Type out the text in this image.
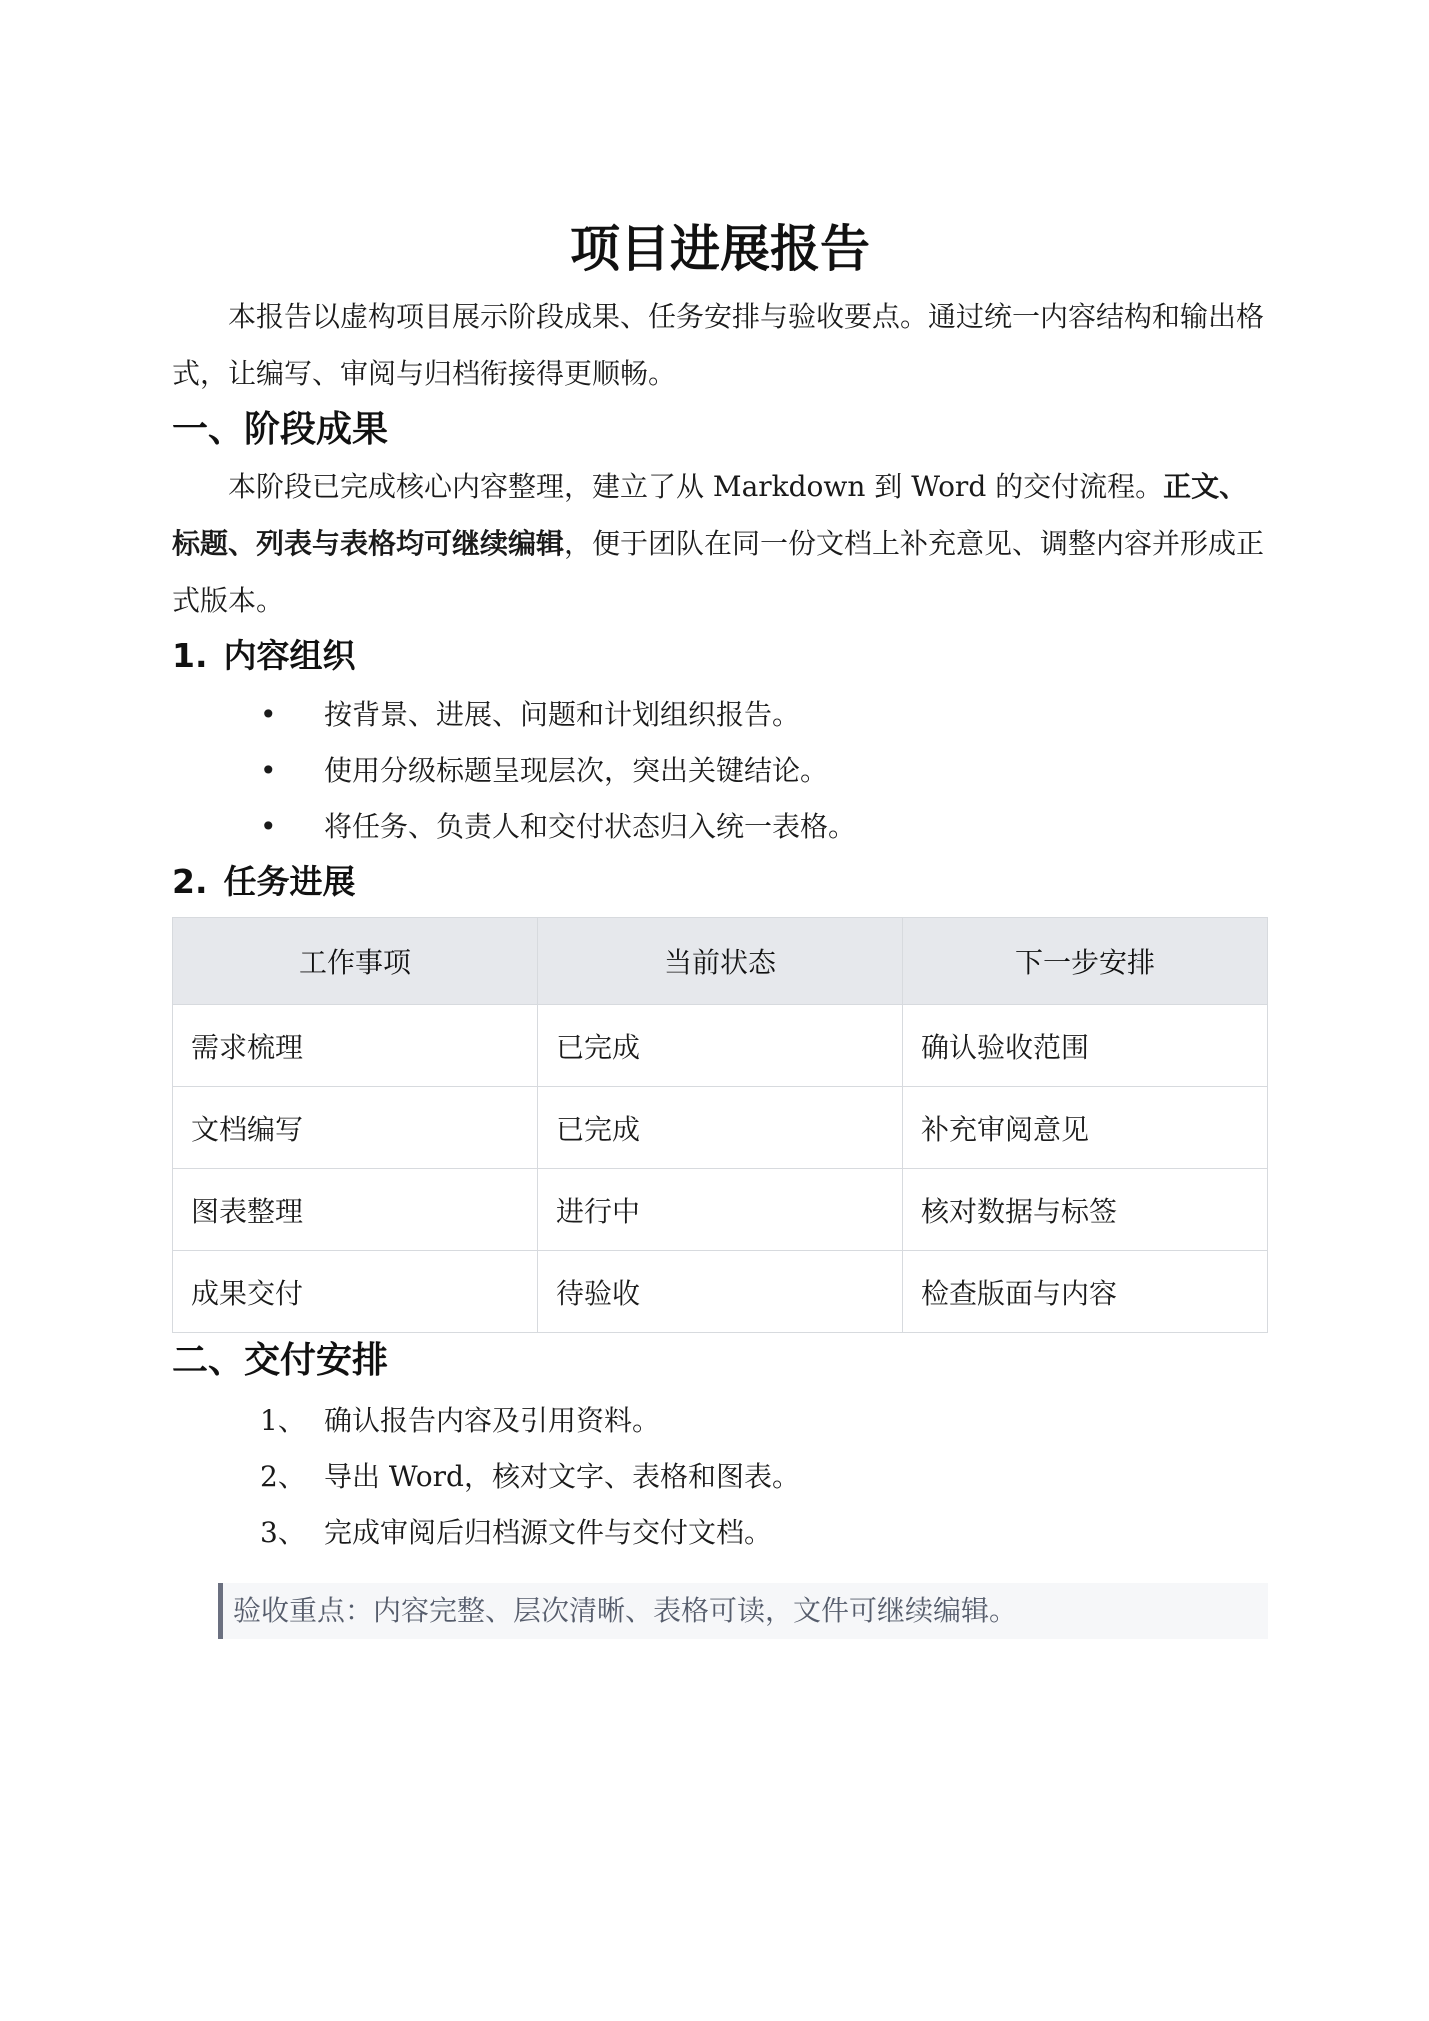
项目进展报告

本报告以虚构项目展示阶段成果、任务安排与验收要点。通过统一内容结构和输出格式，让编写、审阅与归档衔接得更顺畅。

一、阶段成果

本阶段已完成核心内容整理，建立了从 Markdown 到 Word 的交付流程。正文、标题、列表与表格均可继续编辑，便于团队在同一份文档上补充意见、调整内容并形成正式版本。

1. 内容组织
• 按背景、进展、问题和计划组织报告。
• 使用分级标题呈现层次，突出关键结论。
• 将任务、负责人和交付状态归入统一表格。
2. 任务进展
工作事项	当前状态	下一步安排
需求梳理	已完成	确认验收范围
文档编写	已完成	补充审阅意见
图表整理	进行中	核对数据与标签
成果交付	待验收	检查版面与内容
二、交付安排
1、 确认报告内容及引用资料。
2、 导出 Word，核对文字、表格和图表。
3、 完成审阅后归档源文件与交付文档。
验收重点：内容完整、层次清晰、表格可读，文件可继续编辑。
